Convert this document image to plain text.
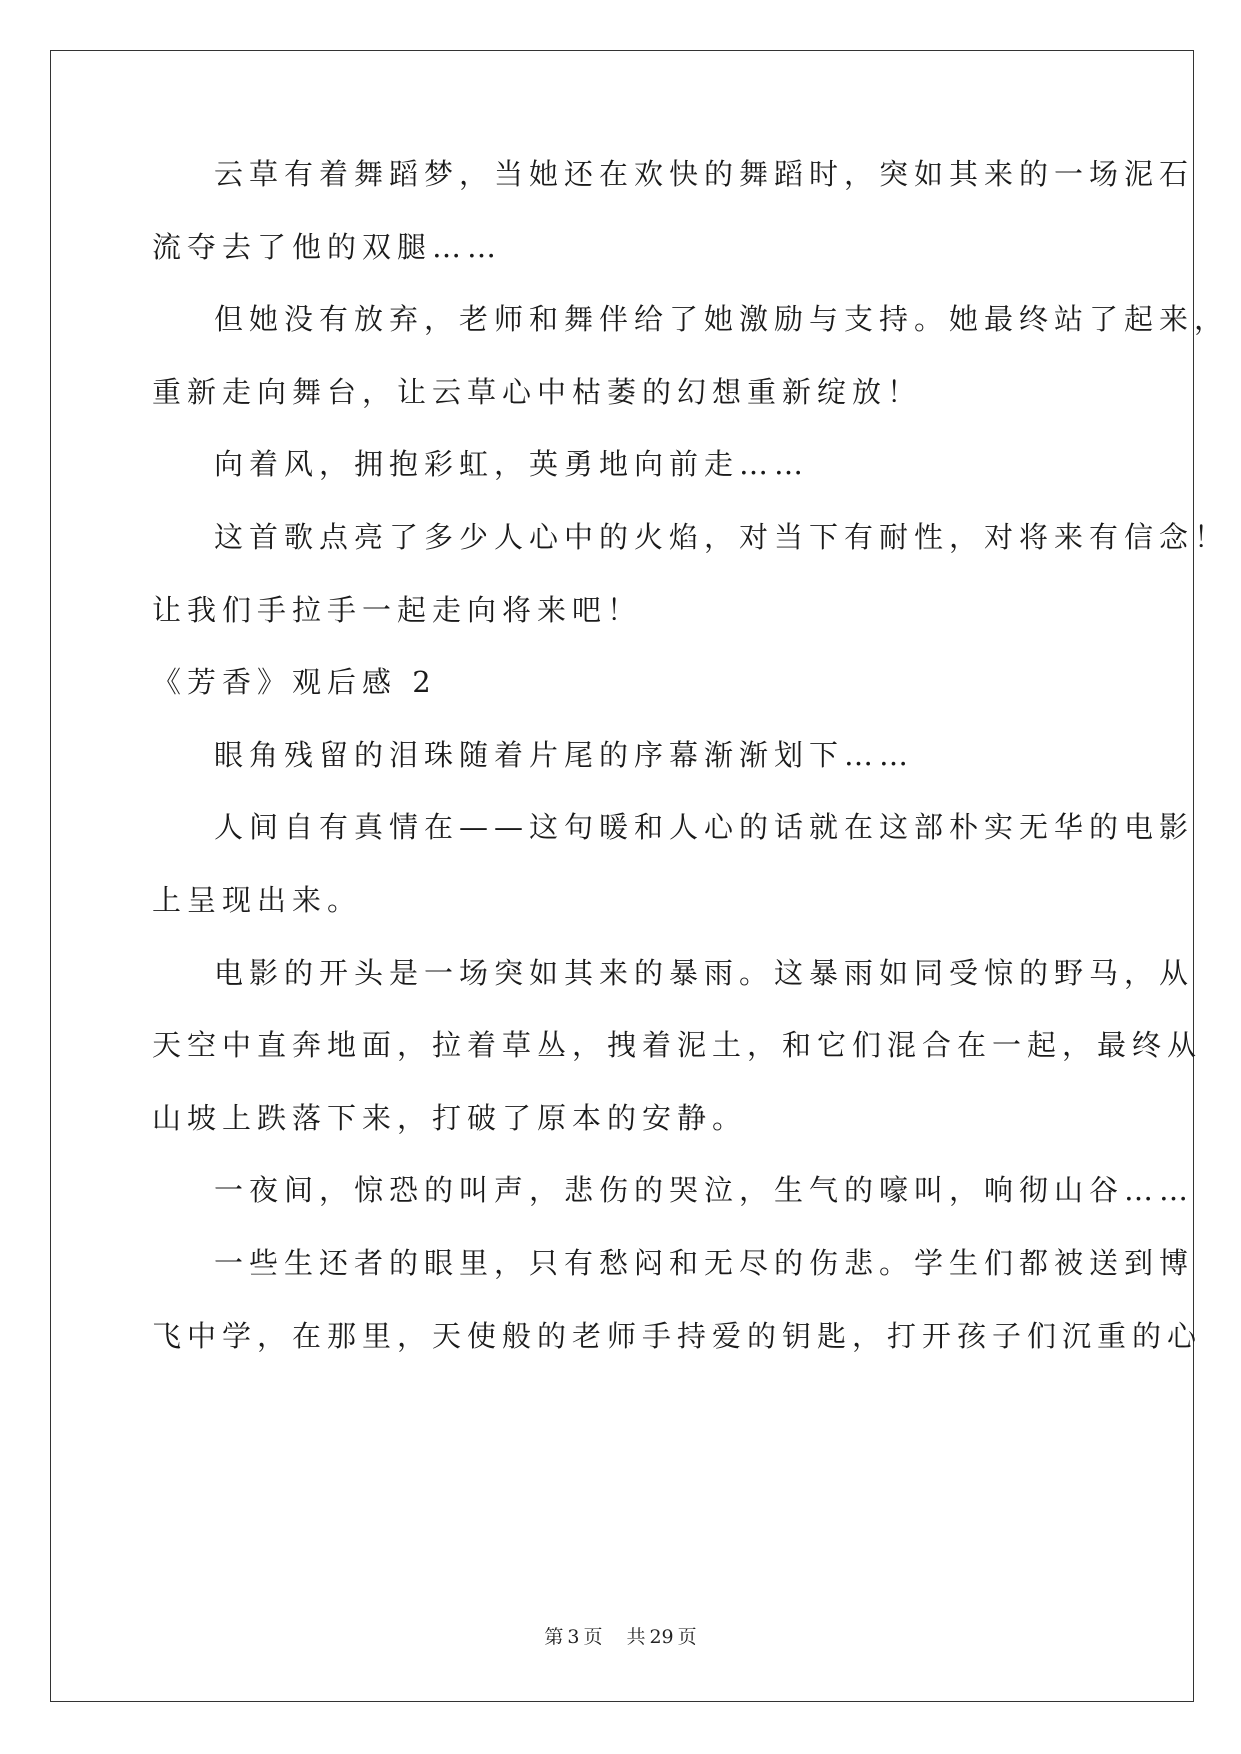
云草有着舞蹈梦，当她还在欢快的舞蹈时，突如其来的一场泥石
流夺去了他的双腿……
但她没有放弃，老师和舞伴给了她激励与支持。她最终站了起来，
重新走向舞台，让云草心中枯萎的幻想重新绽放！
向着风，拥抱彩虹，英勇地向前走……
这首歌点亮了多少人心中的火焰，对当下有耐性，对将来有信念！
让我们手拉手一起走向将来吧！
《芳香》观后感 2
眼角残留的泪珠随着片尾的序幕渐渐划下……
人间自有真情在——这句暖和人心的话就在这部朴实无华的电影
上呈现出来。
电影的开头是一场突如其来的暴雨。这暴雨如同受惊的野马，从
天空中直奔地面，拉着草丛，拽着泥土，和它们混合在一起，最终从
山坡上跌落下来，打破了原本的安静。
一夜间，惊恐的叫声，悲伤的哭泣，生气的嚎叫，响彻山谷……
一些生还者的眼里，只有愁闷和无尽的伤悲。学生们都被送到博
飞中学，在那里，天使般的老师手持爱的钥匙，打开孩子们沉重的心
第 3 页 共 29 页
